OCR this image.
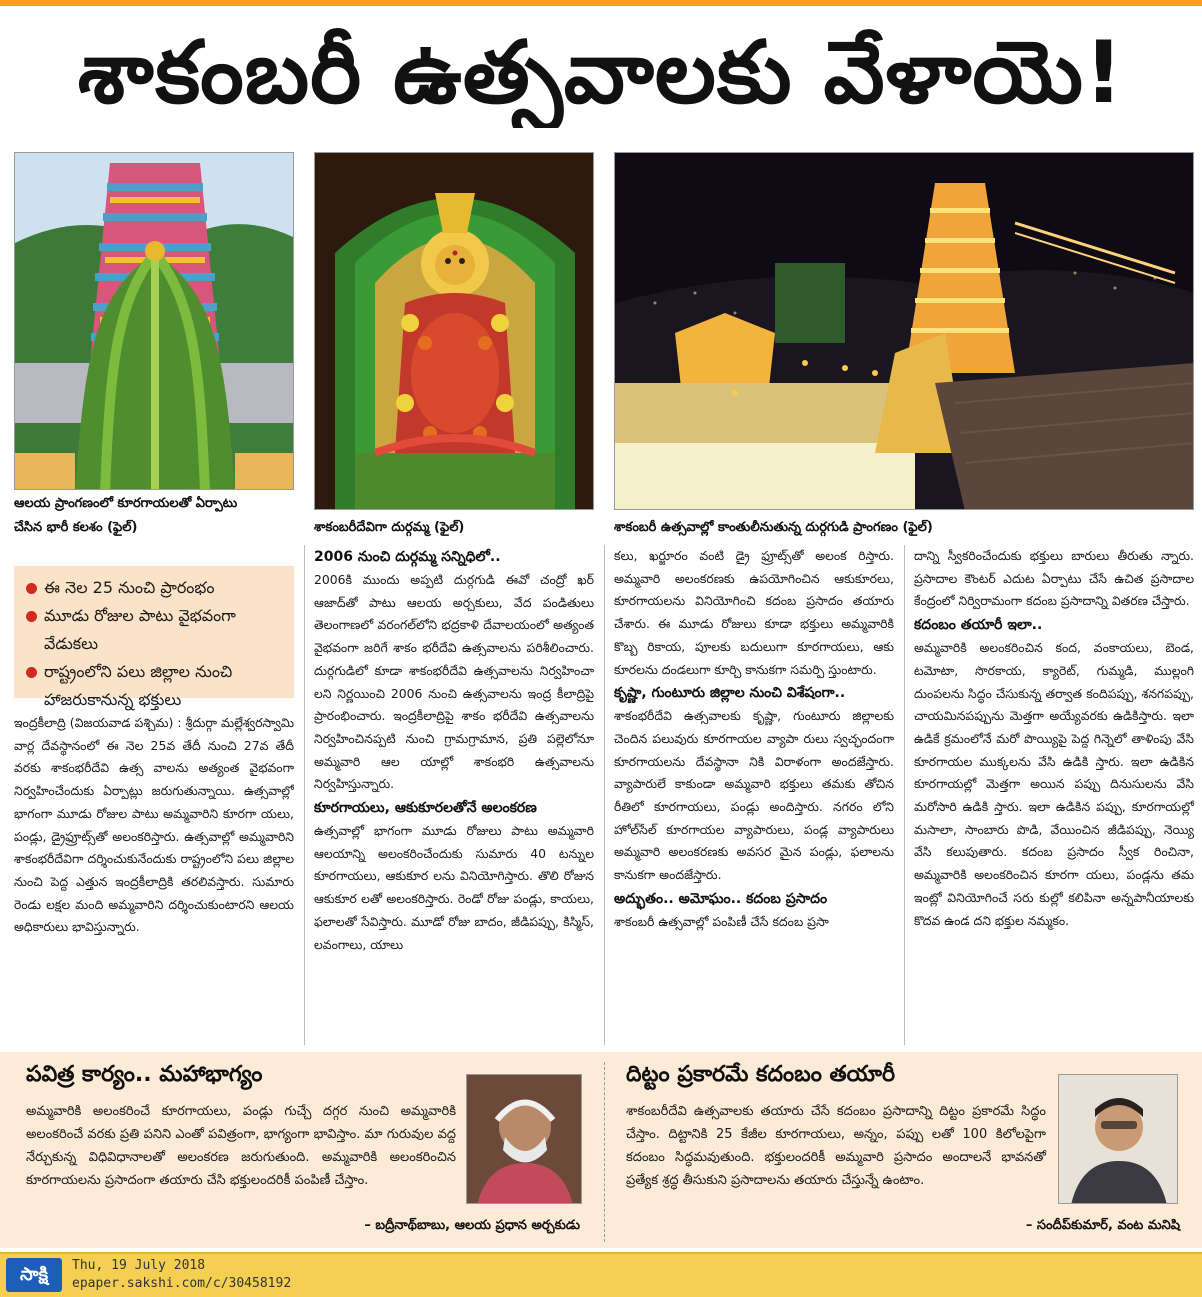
శాకంబరీ ఉత్సవాలకు వేళాయె!
ఆలయ ప్రాంగణంలో కూరగాయలతో ఏర్పాటు చేసిన భారీ కలశం (ఫైల్)	శాకంబరీదేవిగా దుర్గమ్మ (ఫైల్)	శాకంబరీ ఉత్సవాల్లో కాంతులీనుతున్న దుర్గగుడి ప్రాంగణం (ఫైల్)
ఈ నెల 25 నుంచి ప్రారంభం
మూడు రోజుల పాటు వైభవంగా వేడుకలు
రాష్ట్రంలోని పలు జిల్లాల నుంచి హాజరుకానున్న భక్తులు

ఇంద్రకీలాద్రి (విజయవాడ పశ్చిమ) : శ్రీదుర్గా మల్లేశ్వరస్వామి వార్ల దేవస్థానంలో ఈ నెల 25వ తేదీ నుంచి 27వ తేదీ వరకు శాకంభరీదేవి ఉత్స వాలను అత్యంత వైభవంగా నిర్వహించేందుకు ఏర్పాట్లు జరుగుతున్నాయి. ఉత్సవాల్లో భాగంగా మూడు రోజుల పాటు అమ్మవారిని కూరగా యలు, పండ్లు, డ్రైఫ్రూట్స్‌తో అలంకరిస్తారు. ఉత్సవాల్లో అమ్మవారిని శాకంభరీదేవిగా దర్శించుకునేందుకు రాష్ట్రంలోని పలు జిల్లాల నుంచి పెద్ద ఎత్తున ఇంద్రకీలాద్రికి తరలివస్తారు. సుమారు రెండు లక్షల మంది అమ్మవారిని దర్శించుకుంటారని ఆలయ అధికారులు భావిస్తున్నారు.

2006 నుంచి దుర్గమ్మ సన్నిధిలో..

2006కి ముందు అప్పటి దుర్గగుడి ఈవో చంద్రో ఖర్ ఆజాద్‌తో పాటు ఆలయ అర్చకులు, వేద పండితులు తెలంగాణలో వరంగల్‌లోని భద్రకాళి దేవాలయంలో అత్యంత వైభవంగా జరిగే శాకం భరీదేవి ఉత్సవాలను పరిశీలించారు. దుర్గగుడిలో కూడా శాకంభరీదేవి ఉత్సవాలను నిర్వహించా లని నిర్ణయించి 2006 నుంచి ఉత్సవాలను ఇంద్ర కీలాద్రిపై ప్రారంభించారు. ఇంద్రకీలాద్రిపై శాకం భరీదేవి ఉత్సవాలను నిర్వహించినప్పటి నుంచి గ్రామగ్రామాన, ప్రతి పల్లెలోనూ అమ్మవారి ఆల యాల్లో శాకంభరి ఉత్సవాలను నిర్వహిస్తున్నారు.

కూరగాయలు, ఆకుకూరలతోనే అలంకరణ

ఉత్సవాల్లో భాగంగా మూడు రోజులు పాటు అమ్మవారి ఆలయాన్ని అలంకరించేందుకు సుమారు 40 టన్నుల కూరగాయలు, ఆకుకూర లను వినియోగిస్తారు. తొలి రోజున ఆకుకూర లతో అలంకరిస్తారు. రెండో రోజు పండ్లు, కాయలు, ఫలాలతో సేవిస్తారు. మూడో రోజు బాదం, జీడిపప్పు, కిస్మిస్, లవంగాలు, యాలు

కలు, ఖర్జూరం వంటి డ్రై ఫ్రూట్స్‌తో అలంక రిస్తారు. అమ్మవారి అలంకరణకు ఉపయోగించిన ఆకుకూరలు, కూరగాయలను వినియోగించి కదంబ ప్రసాదం తయారు చేశారు. ఈ మూడు రోజులు కూడా భక్తులు అమ్మవారికి కొబ్బ రికాయ, పూలకు బదులుగా కూరగాయలు, ఆకు కూరలను దండలుగా కూర్చి కానుకగా సమర్పి స్తుంటారు.

కృష్ణా, గుంటూరు జిల్లాల నుంచి విశేషంగా..

శాకంభరీదేవి ఉత్సవాలకు కృష్ణా, గుంటూరు జిల్లాలకు చెందిన పలువురు కూరగాయల వ్యాపా రులు స్వచ్ఛందంగా కూరగాయలను దేవస్థానా నికి విరాళంగా అందజేస్తారు. వ్యాపారులే కాకుండా అమ్మవారి భక్తులు తమకు తోచిన రీతిలో కూరగాయలు, పండ్లు అందిస్తారు. నగరం లోని హోల్‌సేల్ కూరగాయల వ్యాపారులు, పండ్ల వ్యాపారులు అమ్మవారి అలంకరణకు అవసర మైన పండ్లు, ఫలాలను కానుకగా అందజేస్తారు.

అద్భుతం.. అమోఘం.. కదంబ ప్రసాదం

శాకంబరీ ఉత్సవాల్లో పంపిణీ చేసే కదంబ ప్రసా

దాన్ని స్వీకరించేందుకు భక్తులు బారులు తీరుతు న్నారు. ప్రసాదాల కౌంటర్ ఎదుట ఏర్పాటు చేసే ఉచిత ప్రసాదాల కేంద్రంలో నిర్విరామంగా కదంబ ప్రసాదాన్ని వితరణ చేస్తారు.

కదంబం తయారీ ఇలా..

అమ్మవారికి అలంకరించిన కంద, వంకాయలు, బెండ, టమోటా, సొరకాయ, క్యారెట్, గుమ్మడి, ముల్లంగి దుంపలను సిద్ధం చేసుకున్న తర్వాత కందిపప్పు, శనగపప్పు, చాయమినపప్పును మెత్తగా అయ్యేవరకు ఉడికిస్తారు. ఇలా ఉడికే క్రమంలోనే మరో పొయ్యిపై పెద్ద గిన్నెలో తాళింపు వేసి కూరగాయల ముక్కలను వేసి ఉడికి స్తారు. ఇలా ఉడికిన కూరగాయల్లో మెత్తగా అయిన పప్పు దినుసులను వేసి మరోసారి ఉడికి స్తారు. ఇలా ఉడికిన పప్పు, కూరగాయల్లో మసాలా, సాంబారు పొడి, వేయించిన జీడిపప్పు, నెయ్యి వేసి కలుపుతారు. కదంబ ప్రసాదం స్వీక రించినా, అమ్మవారికి అలంకరించిన కూరగా యలు, పండ్లను తమ ఇంట్లో వినియోగించే సరు కుల్లో కలిపినా అన్నపానీయాలకు కొదవ ఉండ దని భక్తుల నమ్మకం.

పవిత్ర కార్యం.. మహాభాగ్యం
అమ్మవారికి అలంకరించే కూరగాయలు, పండ్లు గుచ్చే దగ్గర నుంచి అమ్మవారికి అలంకరించే వరకు ప్రతి పనిని ఎంతో పవిత్రంగా, భాగ్యంగా భావిస్తాం. మా గురువుల వద్ద నేర్చుకున్న విధివిధానాలతో అలంకరణ జరుగుతుంది. అమ్మవారికి అలంకరించిన కూరగాయలను ప్రసాదంగా తయారు చేసి భక్తులందరికీ పంపిణీ చేస్తాం.
– బద్రీనాథ్‌బాబు, ఆలయ ప్రధాన అర్చకుడు
దిట్టం ప్రకారమే కదంబం తయారీ
శాకంబరీదేవి ఉత్సవాలకు తయారు చేసే కదంబం ప్రసాదాన్ని దిట్టం ప్రకారమే సిద్ధం చేస్తాం. దిట్టానికి 25 కేజీల కూరగాయలు, అన్నం, పప్పు లతో 100 కిలోలపైగా కదంబం సిద్ధమవుతుంది. భక్తులందరికీ అమ్మవారి ప్రసాదం అందాలనే భావనతో ప్రత్యేక శ్రద్ధ తీసుకుని ప్రసాదాలను తయారు చేస్తున్నే ఉంటాం.
– సందీప్‌కుమార్, వంట మనిషి
సాక్షి	Thu, 19 July 2018
epaper.sakshi.com/c/30458192
